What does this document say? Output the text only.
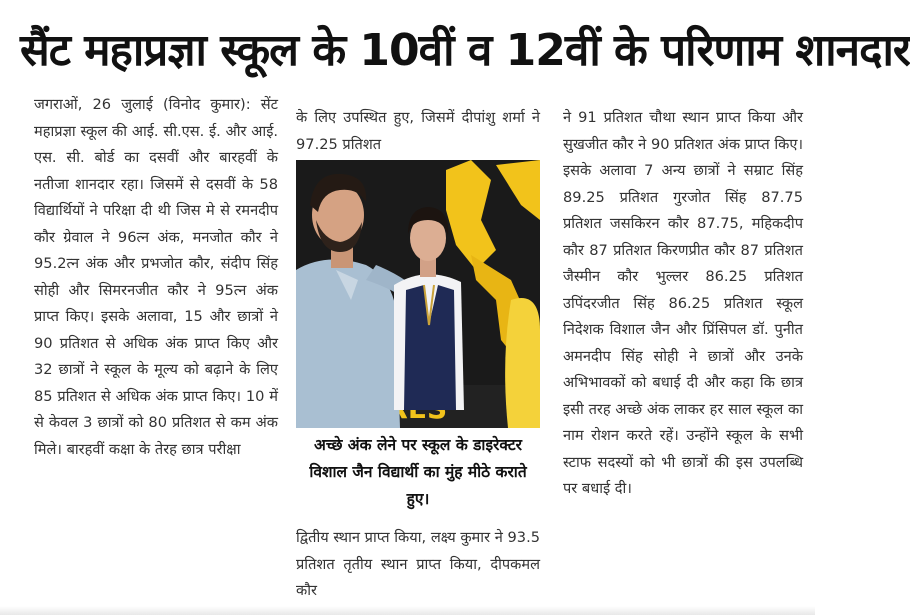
सैंट महाप्रज्ञा स्कूल के 10वीं व 12वीं के परिणाम शानदार
जगराओं, 26 जुलाई (विनोद कुमार): सेंट महाप्रज्ञा स्कूल की आई. सी.एस. ई. और आई. एस. सी. बोर्ड का दसवीं और बारहवीं के नतीजा शानदार रहा। जिसमें से दसवीं के 58 विद्यार्थियों ने परिक्षा दी थी जिस मे से रमनदीप कौर ग्रेवाल ने 96त्न अंक, मनजोत कौर ने 95.2त्न अंक और प्रभजोत कौर, संदीप सिंह सोही और सिमरनजीत कौर ने 95त्न अंक प्राप्त किए। इसके अलावा, 15 और छात्रों ने 90 प्रतिशत से अधिक अंक प्राप्त किए और 32 छात्रों ने स्कूल के मूल्य को बढ़ाने के लिए 85 प्रतिशत से अधिक अंक प्राप्त किए। 10 में से केवल 3 छात्रों को 80 प्रतिशत से कम अंक मिले। बारहवीं कक्षा के तेरह छात्र परीक्षा
के लिए उपस्थित हुए, जिसमें दीपांशु शर्मा ने 97.25 प्रतिशत
अच्छे अंक लेने पर स्कूल के डाइरेक्टर विशाल जैन विद्यार्थी का मुंह मीठे कराते हुए।
द्वितीय स्थान प्राप्त किया, लक्ष्य कुमार ने 93.5 प्रतिशत तृतीय स्थान प्राप्त किया, दीपकमल कौर
ने 91 प्रतिशत चौथा स्थान प्राप्त किया और सुखजीत कौर ने 90 प्रतिशत अंक प्राप्त किए। इसके अलावा 7 अन्य छात्रों ने सम्राट सिंह 89.25 प्रतिशत गुरजोत सिंह 87.75 प्रतिशत जसकिरन कौर 87.75, महिकदीप कौर 87 प्रतिशत किरणप्रीत कौर 87 प्रतिशत जैस्मीन कौर भुल्लर 86.25 प्रतिशत उपिंदरजीत सिंह 86.25 प्रतिशत स्कूल निदेशक विशाल जैन और प्रिंसिपल डॉ. पुनीत अमनदीप सिंह सोही ने छात्रों और उनके अभिभावकों को बधाई दी और कहा कि छात्र इसी तरह अच्छे अंक लाकर हर साल स्कूल का नाम रोशन करते रहें। उन्होंने स्कूल के सभी स्टाफ सदस्यों को भी छात्रों की इस उपलब्धि पर बधाई दी।
